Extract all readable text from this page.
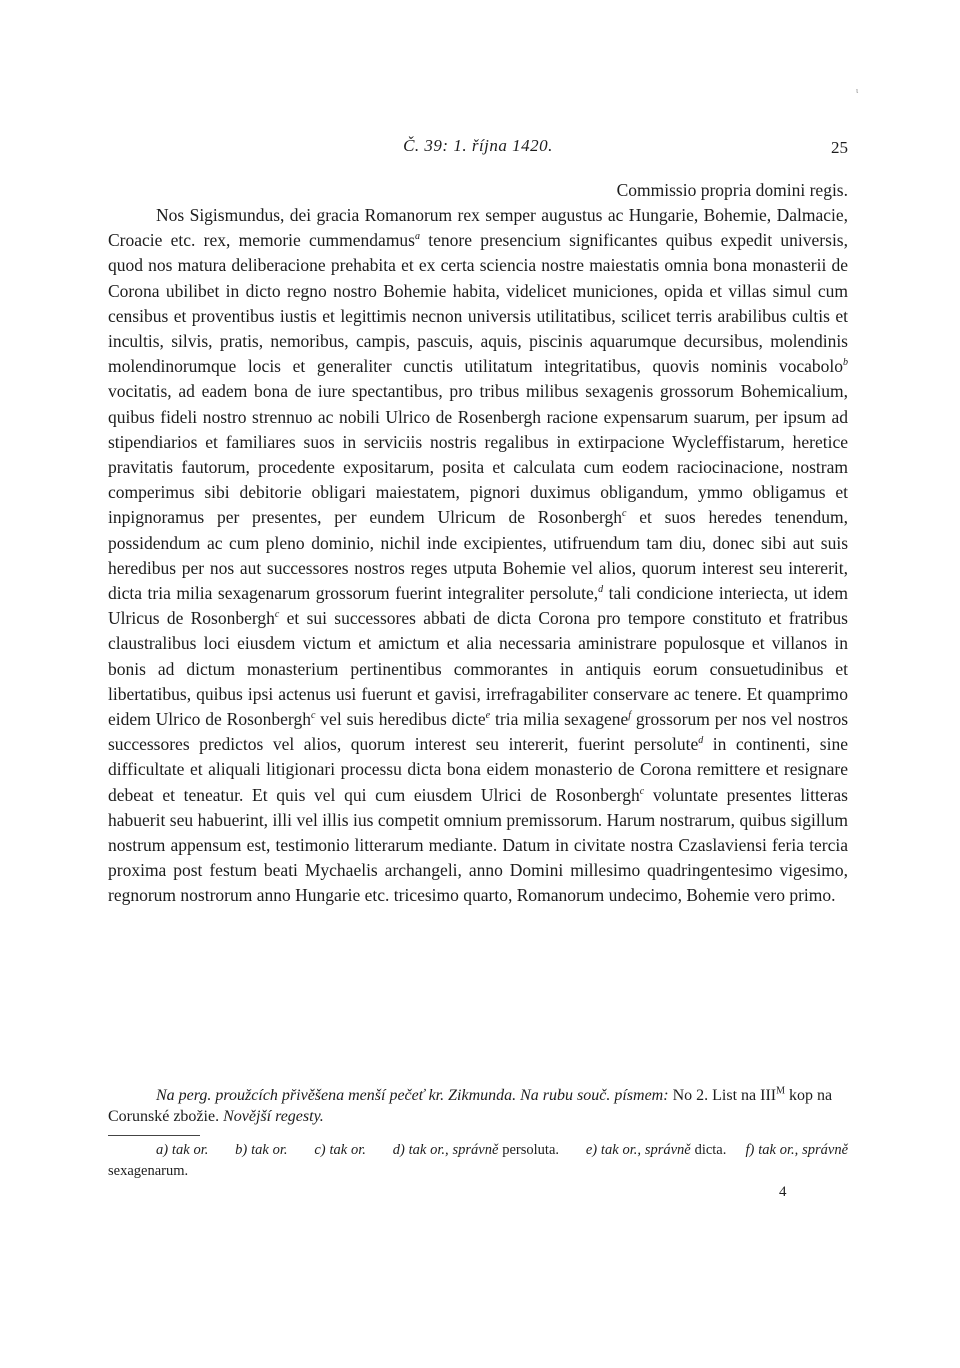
ι
Č. 39: 1. října 1420.	25
Commissio propria domini regis.

Nos Sigismundus, dei gracia Romanorum rex semper augustus ac Hungarie, Bohemie, Dalmacie, Croacie etc. rex, memorie cummendamus$^a$ tenore presencium significantes quibus expedit universis, quod nos matura deliberacione prehabita et ex certa sciencia nostre maiestatis omnia bona monasterii de Corona ubilibet in dicto regno nostro Bohemie habita, videlicet municiones, opida et villas simul cum censibus et proventibus iustis et legittimis necnon universis utilitatibus, scilicet terris arabilibus cultis et incultis, silvis, pratis, nemoribus, campis, pascuis, aquis, piscinis aquarumque decursibus, molendinis molendinorumque locis et generaliter cunctis utilitatum integritatibus, quovis nominis vocabolo$^b$ vocitatis, ad eadem bona de iure spectantibus, pro tribus milibus sexagenis grossorum Bohemicalium, quibus fideli nostro strennuo ac nobili Ulrico de Rosenbergh racione expensarum suarum, per ipsum ad stipendiarios et familiares suos in serviciis nostris regalibus in extirpacione Wycleffistarum, heretice pravitatis fautorum, procedente expositarum, posita et calculata cum eodem raciocinacione, nostram comperimus sibi debitorie obligari maiestatem, pignori duximus obligandum, ymmo obligamus et inpignoramus per presentes, per eundem Ulricum de Rosonbergh$^c$ et suos heredes tenendum, possidendum ac cum pleno dominio, nichil inde excipientes, utifruendum tam diu, donec sibi aut suis heredibus per nos aut successores nostros reges utputa Bohemie vel alios, quorum interest seu intererit, dicta tria milia sexagenarum grossorum fuerint integraliter persolute,$^d$ tali condicione interiecta, ut idem Ulricus de Rosonbergh$^c$ et sui successores abbati de dicta Corona pro tempore constituto et fratribus claustralibus loci eiusdem victum et amictum et alia necessaria aministrare populosque et villanos in bonis ad dictum monasterium pertinentibus commorantes in antiquis eorum consuetudinibus et libertatibus, quibus ipsi actenus usi fuerunt et gavisi, irrefragabiliter conservare ac tenere. Et quamprimo eidem Ulrico de Rosonbergh$^c$ vel suis heredibus dicte$^e$ tria milia sexagene$^f$ grossorum per nos vel nostros successores predictos vel alios, quorum interest seu intererit, fuerint persolute$^d$ in continenti, sine difficultate et aliquali litigionari processu dicta bona eidem monasterio de Corona remittere et resignare debeat et teneatur. Et quis vel qui cum eiusdem Ulrici de Rosonbergh$^c$ voluntate presentes litteras habuerit seu habuerint, illi vel illis ius competit omnium premissorum. Harum nostrarum, quibus sigillum nostrum appensum est, testimonio litterarum mediante. Datum in civitate nostra Czaslaviensi feria tercia proxima post festum beati Mychaelis archangeli, anno Domini millesimo quadringentesimo vigesimo, regnorum nostrorum anno Hungarie etc. tricesimo quarto, Romanorum undecimo, Bohemie vero primo.

Na perg. proužcích přivěšena menší pečeť kr. Zikmunda. Na rubu souč. písmem: No 2. List na $III^M$ kop na Corunské zbožie. Novější regesty.

a) tak or. b) tak or. c) tak or. d) tak or., správně persoluta. e) tak or., správně dicta. f) tak or., správně sexagenarum.

4
